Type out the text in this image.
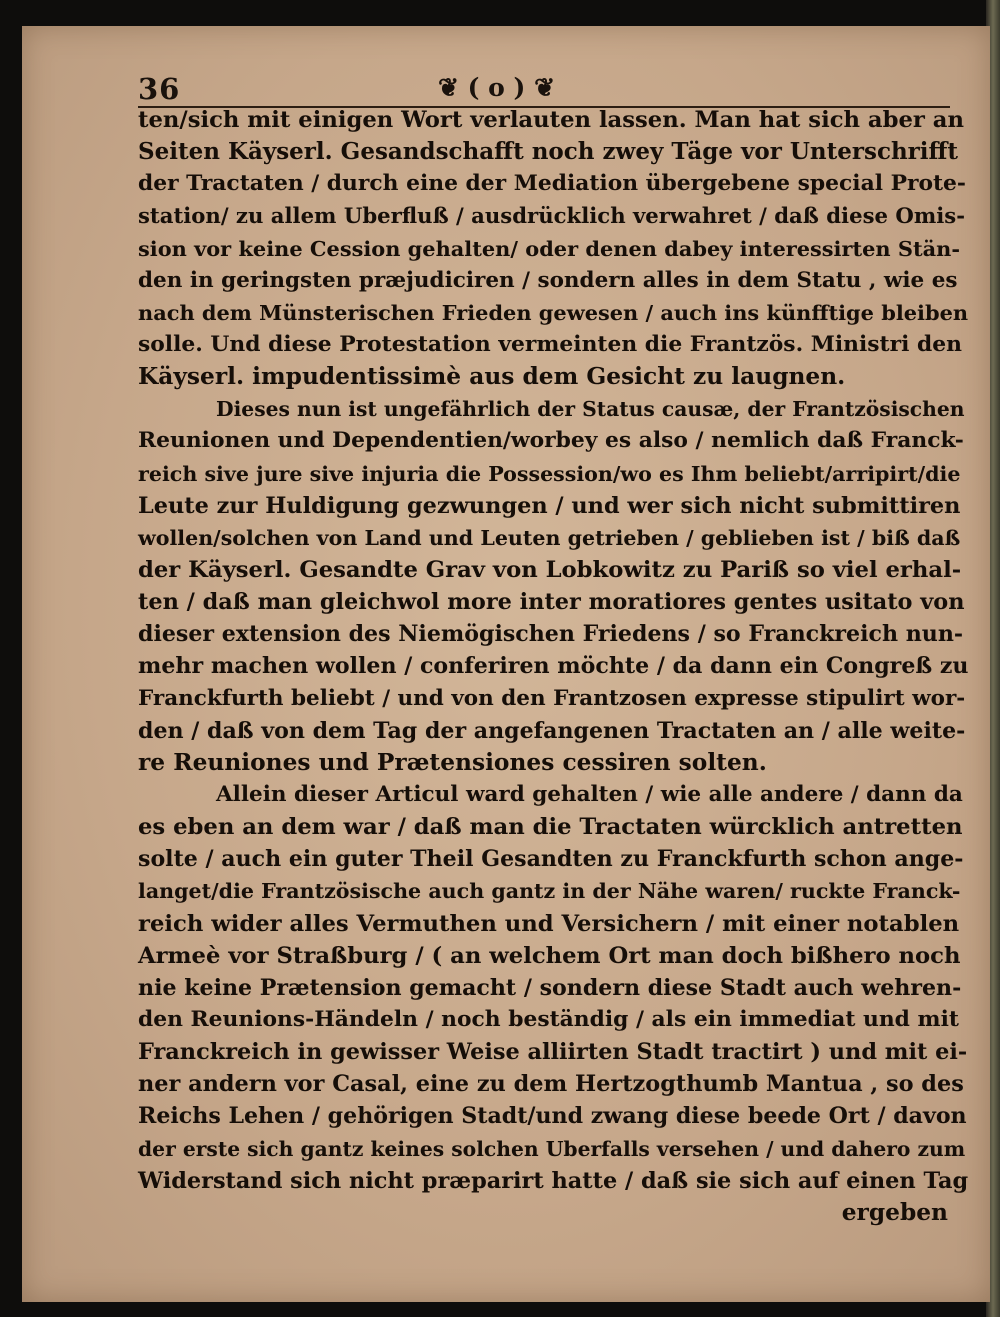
36	❦ ( o ) ❦
ten/sich mit einigen Wort verlauten lassen. Man hat sich aber an
Seiten Käyserl. Gesandschafft noch zwey Täge vor Unterschrifft
der Tractaten / durch eine der Mediation übergebene special Prote-
station/ zu allem Uberfluß / ausdrücklich verwahret / daß diese Omis-
sion vor keine Cession gehalten/ oder denen dabey interessirten Stän-
den in geringsten præjudiciren / sondern alles in dem Statu , wie es
nach dem Münsterischen Frieden gewesen / auch ins künfftige bleiben
solle. Und diese Protestation vermeinten die Frantzös. Ministri den
Käyserl. impudentissimè aus dem Gesicht zu laugnen.
Dieses nun ist ungefährlich der Status causæ, der Frantzösischen
Reunionen und Dependentien/worbey es also / nemlich daß Franck-
reich sive jure sive injuria die Possession/wo es Ihm beliebt/arripirt/die
Leute zur Huldigung gezwungen / und wer sich nicht submittiren
wollen/solchen von Land und Leuten getrieben / geblieben ist / biß daß
der Käyserl. Gesandte Grav von Lobkowitz zu Pariß so viel erhal-
ten / daß man gleichwol more inter moratiores gentes usitato von
dieser extension des Niemögischen Friedens / so Franckreich nun-
mehr machen wollen / conferiren möchte / da dann ein Congreß zu
Franckfurth beliebt / und von den Frantzosen expresse stipulirt wor-
den / daß von dem Tag der angefangenen Tractaten an / alle weite-
re Reuniones und Prætensiones cessiren solten.
Allein dieser Articul ward gehalten / wie alle andere / dann da
es eben an dem war / daß man die Tractaten würcklich antretten
solte / auch ein guter Theil Gesandten zu Franckfurth schon ange-
langet/die Frantzösische auch gantz in der Nähe waren/ ruckte Franck-
reich wider alles Vermuthen und Versichern / mit einer notablen
Armeè vor Straßburg / ( an welchem Ort man doch bißhero noch
nie keine Prætension gemacht / sondern diese Stadt auch wehren-
den Reunions-Händeln / noch beständig / als ein immediat und mit
Franckreich in gewisser Weise alliirten Stadt tractirt ) und mit ei-
ner andern vor Casal, eine zu dem Hertzogthumb Mantua , so des
Reichs Lehen / gehörigen Stadt/und zwang diese beede Ort / davon
der erste sich gantz keines solchen Uberfalls versehen / und dahero zum
Widerstand sich nicht præparirt hatte / daß sie sich auf einen Tag
ergeben
